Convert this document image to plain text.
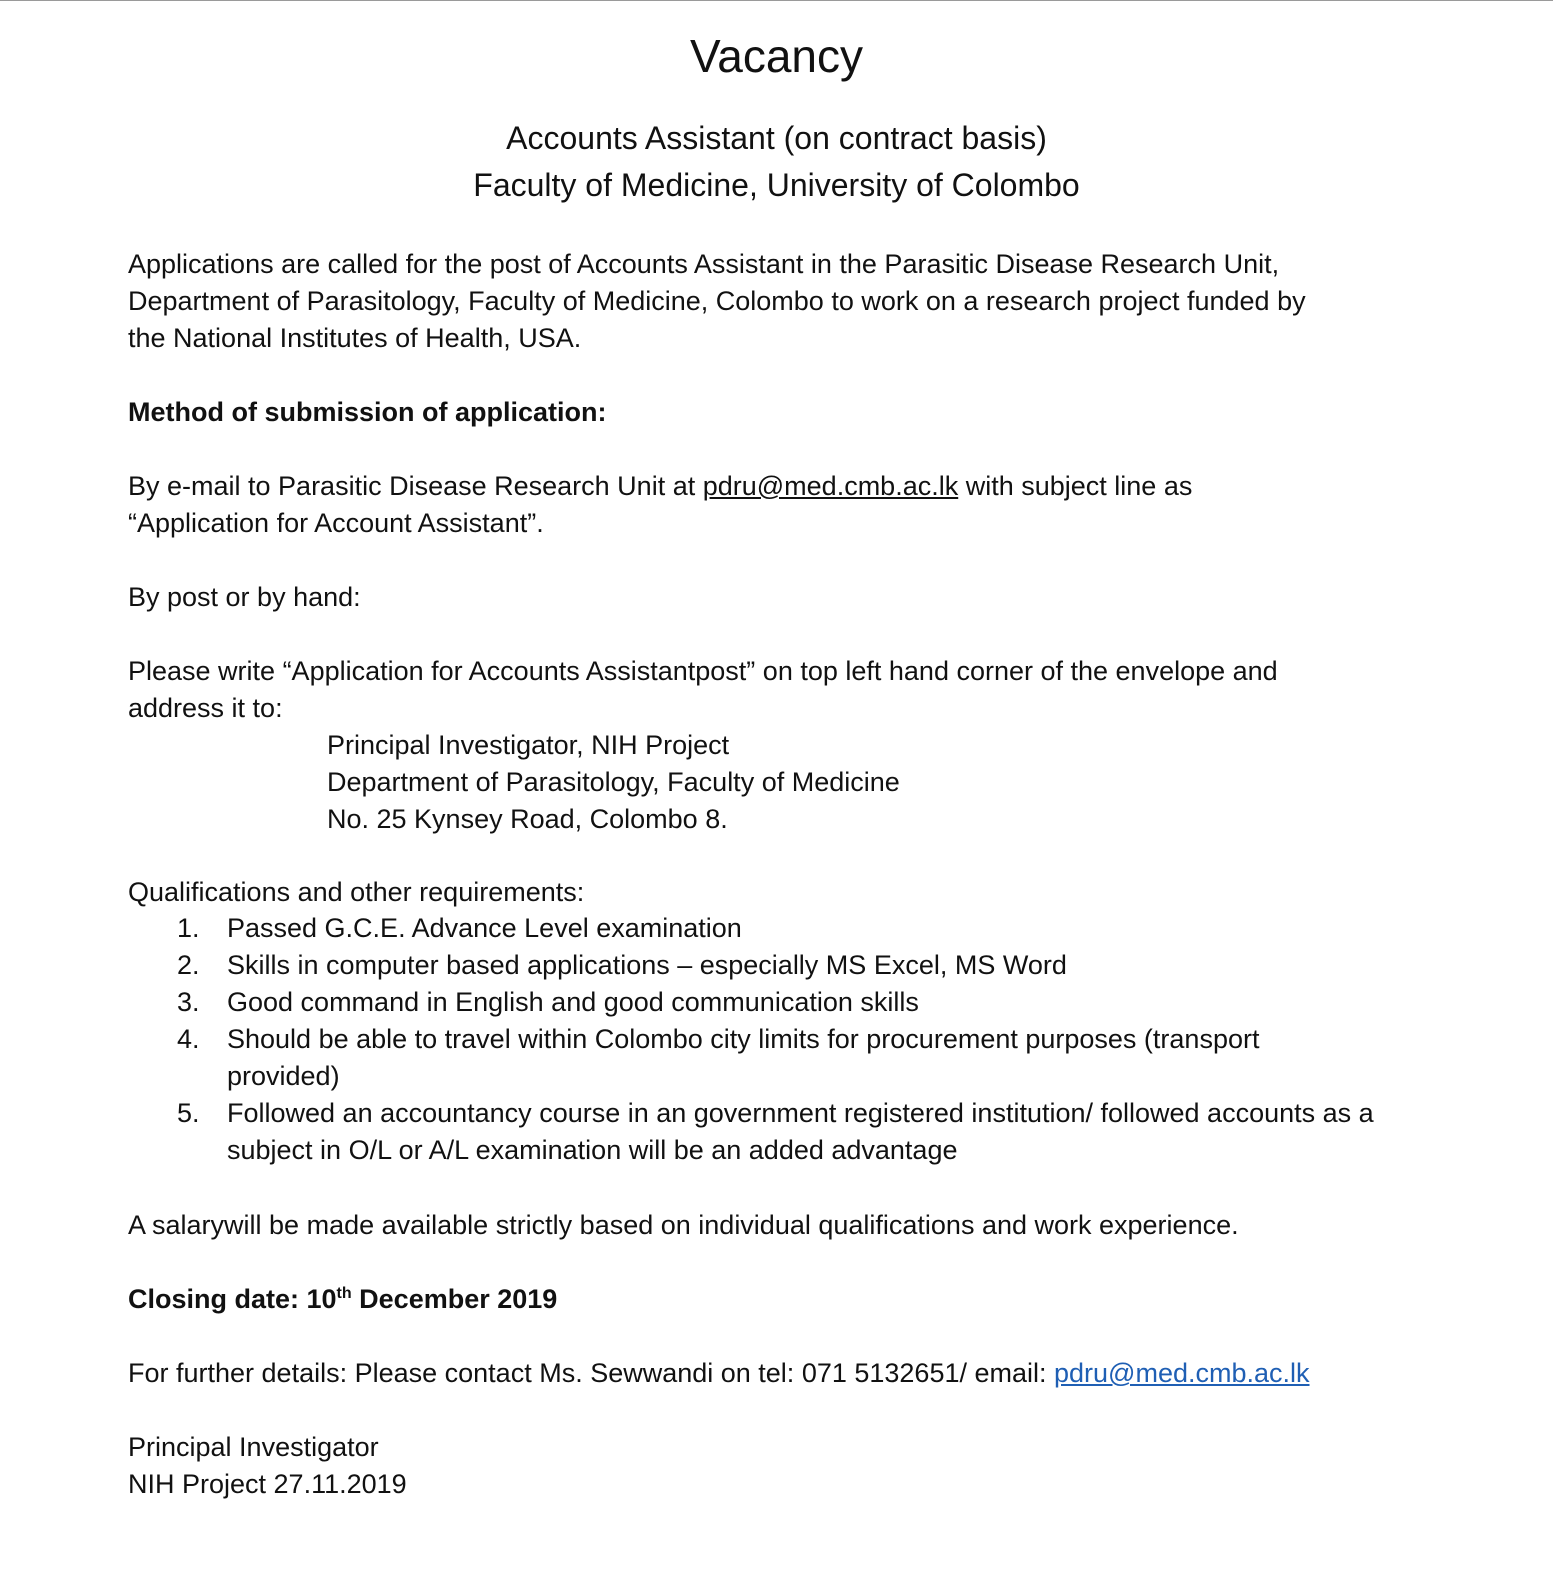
Vacancy
Accounts Assistant (on contract basis)
Faculty of Medicine, University of Colombo
Applications are called for the post of Accounts Assistant in the Parasitic Disease Research Unit,
Department of Parasitology, Faculty of Medicine, Colombo to work on a research project funded by
the National Institutes of Health, USA.
Method of submission of application:
By e-mail to Parasitic Disease Research Unit at pdru@med.cmb.ac.lk with subject line as
“Application for Account Assistant”.
By post or by hand:
Please write “Application for Accounts Assistantpost” on top left hand corner of the envelope and
address it to:
Principal Investigator, NIH Project
Department of Parasitology, Faculty of Medicine
No. 25 Kynsey Road, Colombo 8.
Qualifications and other requirements:
1. Passed G.C.E. Advance Level examination
2. Skills in computer based applications – especially MS Excel, MS Word
3. Good command in English and good communication skills
4. Should be able to travel within Colombo city limits for procurement purposes (transport
provided)
5. Followed an accountancy course in an government registered institution/ followed accounts as a
subject in O/L or A/L examination will be an added advantage
A salarywill be made available strictly based on individual qualifications and work experience.
Closing date: 10th December 2019
For further details: Please contact Ms. Sewwandi on tel: 071 5132651/ email: pdru@med.cmb.ac.lk
Principal Investigator
NIH Project 27.11.2019
